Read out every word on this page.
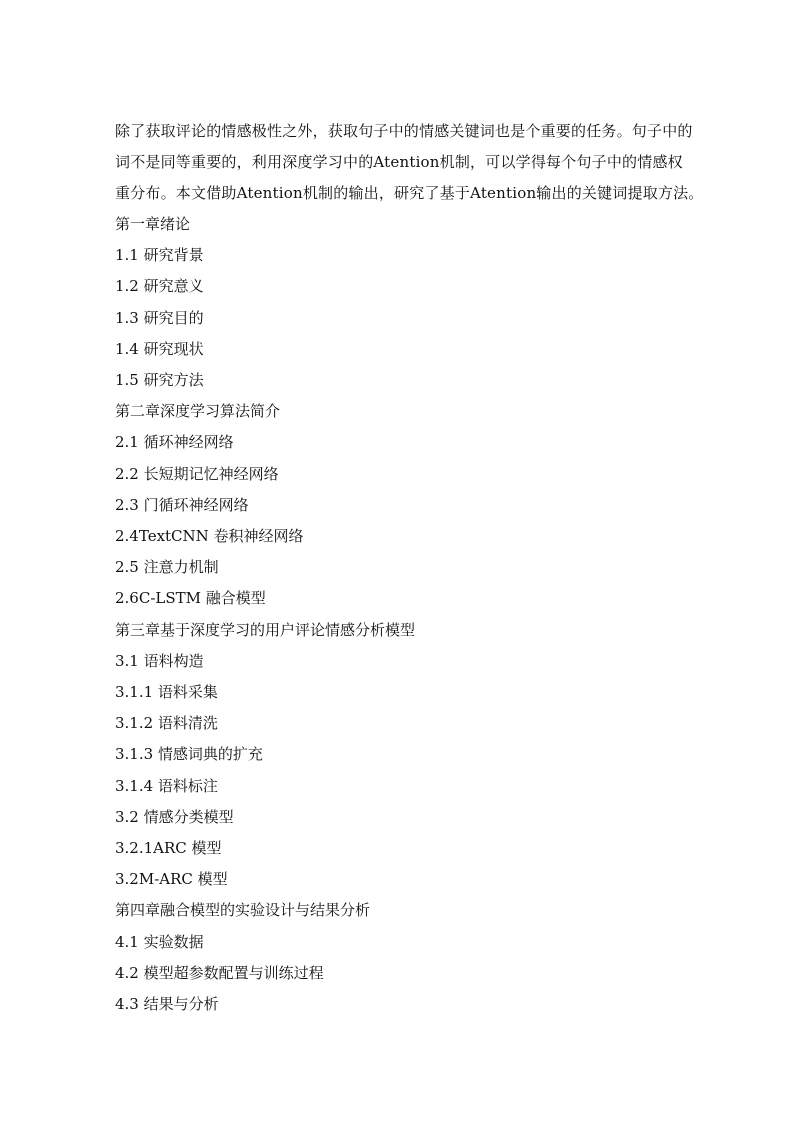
除了获取评论的情感极性之外，获取句子中的情感关键词也是个重要的任务。句子中的
词不是同等重要的，利用深度学习中的Atention机制，可以学得每个句子中的情感权
重分布。本文借助Atention机制的输出，研究了基于Atention输出的关键词提取方法。
第一章绪论
1.1 研究背景
1.2 研究意义
1.3 研究目的
1.4 研究现状
1.5 研究方法
第二章深度学习算法简介
2.1 循环神经网络
2.2 长短期记忆神经网络
2.3 门循环神经网络
2.4TextCNN 卷积神经网络
2.5 注意力机制
2.6C-LSTM 融合模型
第三章基于深度学习的用户评论情感分析模型
3.1 语料构造
3.1.1 语料采集
3.1.2 语料清洗
3.1.3 情感词典的扩充
3.1.4 语料标注
3.2 情感分类模型
3.2.1ARC 模型
3.2M-ARC 模型
第四章融合模型的实验设计与结果分析
4.1 实验数据
4.2 模型超参数配置与训练过程
4.3 结果与分析
